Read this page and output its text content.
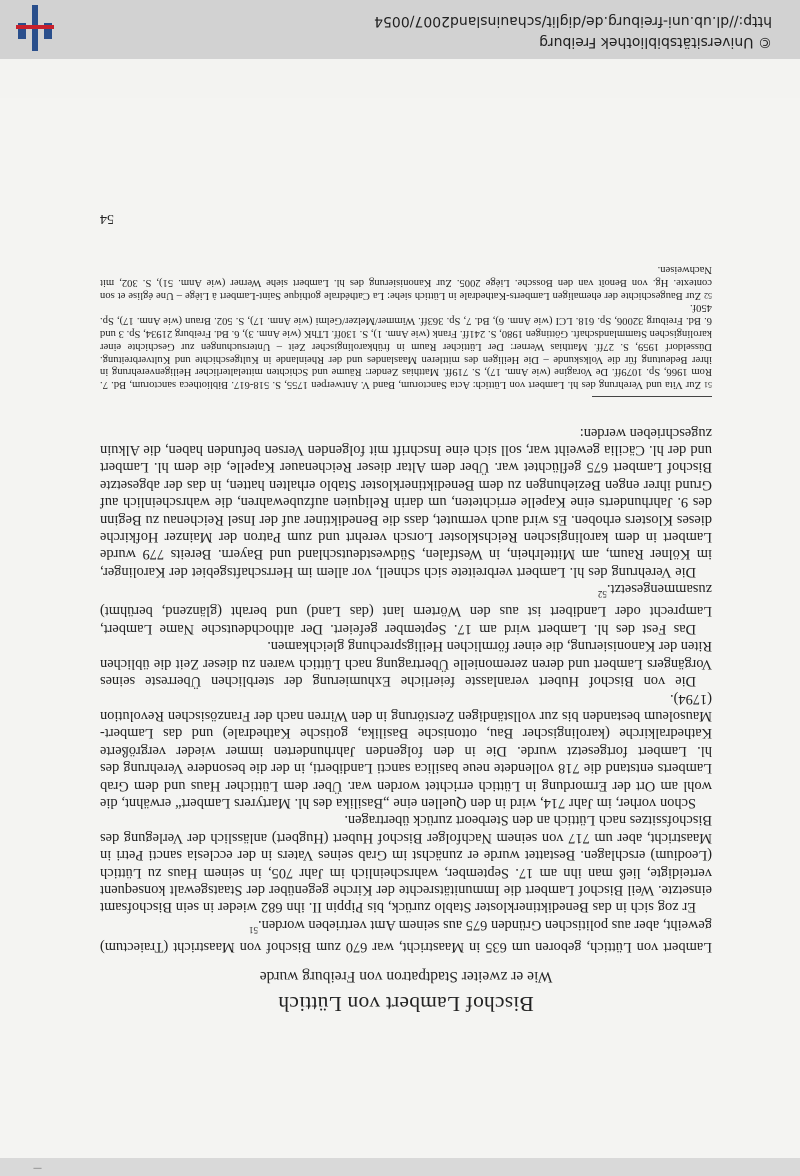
—
Bischof Lambert von Lüttich
Wie er zweiter Stadtpatron von Freiburg wurde

Lambert von Lüttich, geboren um 635 in Maastricht, war 670 zum Bischof von Maastricht (Traiectum) geweiht, aber aus politischen Gründen 675 aus seinem Amt vertrieben worden.$^{51}$

Er zog sich in das Benediktinerkloster Stablo zurück, bis Pippin II. ihn 682 wieder in sein Bischofsamt einsetzte. Weil Bischof Lambert die Immunitätsrechte der Kirche gegenüber der Staatsgewalt konsequent verteidigte, ließ man ihn am 17. September, wahrscheinlich im Jahr 705, in seinem Haus zu Lüttich (Leodium) erschlagen. Bestattet wurde er zunächst im Grab seines Vaters in der ecclesia sancti Petri in Maastricht, aber um 717 von seinem Nachfolger Bischof Hubert (Hugbert) anlässlich der Verlegung des Bischofssitzes nach Lüttich an den Sterbeort zurück übertragen.

Schon vorher, im Jahr 714, wird in den Quellen eine „Basilika des hl. Martyrers Lambert“ erwähnt, die wohl am Ort der Ermordung in Lüttich errichtet worden war. Über dem Lütticher Haus und dem Grab Lamberts entstand die 718 vollendete neue basilica sancti Landiberti, in der die besondere Verehrung des hl. Lambert fortgesetzt wurde. Die in den folgenden Jahrhunderten immer wieder vergrößerte Kathedralkirche (karolingischer Bau, ottonische Basilika, gotische Kathedrale) und das Lambert-Mausoleum bestanden bis zur vollständigen Zerstörung in den Wirren nach der Französischen Revolution (1794).

Die von Bischof Hubert veranlasste feierliche Exhumierung der sterblichen Überreste seines Vorgängers Lambert und deren zeremonielle Übertragung nach Lüttich waren zu dieser Zeit die üblichen Riten der Kanonisierung, die einer förmlichen Heiligsprechung gleichkamen.

Das Fest des hl. Lambert wird am 17. September gefeiert. Der althochdeutsche Name Lambert, Lamprecht oder Landibert ist aus den Wörtern lant (das Land) und beraht (glänzend, berühmt) zusammengesetzt.$^{52}$

Die Verehrung des hl. Lambert verbreitete sich schnell, vor allem im Herrschaftsgebiet der Karolinger, im Kölner Raum, am Mittelrhein, in Westfalen, Südwestdeutschland und Bayern. Bereits 779 wurde Lambert in dem karolingischen Reichskloster Lorsch verehrt und zum Patron der Mainzer Hofkirche dieses Klosters erhoben. Es wird auch vermutet, dass die Benediktiner auf der Insel Reichenau zu Beginn des 9. Jahrhunderts eine Kapelle errichteten, um darin Reliquien aufzubewahren, die wahrscheinlich auf Grund ihrer engen Beziehungen zu dem Benediktinerkloster Stablo erhalten hatten, in das der abgesetzte Bischof Lambert 675 geflüchtet war. Über dem Altar dieser Reichenauer Kapelle, die dem hl. Lambert und der hl. Cäcilia geweiht war, soll sich eine Inschrift mit folgenden Versen befunden haben, die Alkuin zugeschrieben werden:

$^{51}$Zur Vita und Verehrung des hl. Lambert von Lüttich: Acta Sanctorum, Band V. Antwerpen 1755, S. 518-617. Bibliotheca sanctorum, Bd. 7. Rom 1966, Sp. 1079ff. De Voragine (wie Anm. 17), S. 719ff. Matthias Zender: Räume und Schichten mittelalterlicher Heiligenverehrung in ihrer Bedeutung für die Volkskunde – Die Heiligen des mittleren Maaslandes und der Rheinlande in Kultgeschichte und Kultverbreitung. Düsseldorf 1959, S. 27ff. Matthias Werner: Der Lütticher Raum in frühkarolingischer Zeit – Untersuchungen zur Geschichte einer karolingischen Stammlandschaft. Göttingen 1980, S. 241ff. Frank (wie Anm. 1), S. 130ff. LThK (wie Anm. 3), 6. Bd. Freiburg 21934, Sp. 3 und 6. Bd. Freiburg 32006, Sp. 618. LCI (wie Anm. 6), Bd. 7, Sp. 363ff. Wimmer/Melzer/Gelmi (wie Anm. 17), S. 502. Braun (wie Anm. 17), Sp. 450f.

$^{52}$Zur Baugeschichte der ehemaligen Lamberts-Kathedrale in Lüttich siehe: La Cathédrale gothique Saint-Lambert à Liège – Une église et son contexte. Hg. von Benoît van den Bossche. Liège 2005. Zur Kanonisierung des hl. Lambert siehe Werner (wie Anm. 51), S. 302, mit Nachweisen.

54
© Universitätsbibliothek Freiburg
http://dl.ub.uni-freiburg.de/diglit/schauinsland2007/0054
